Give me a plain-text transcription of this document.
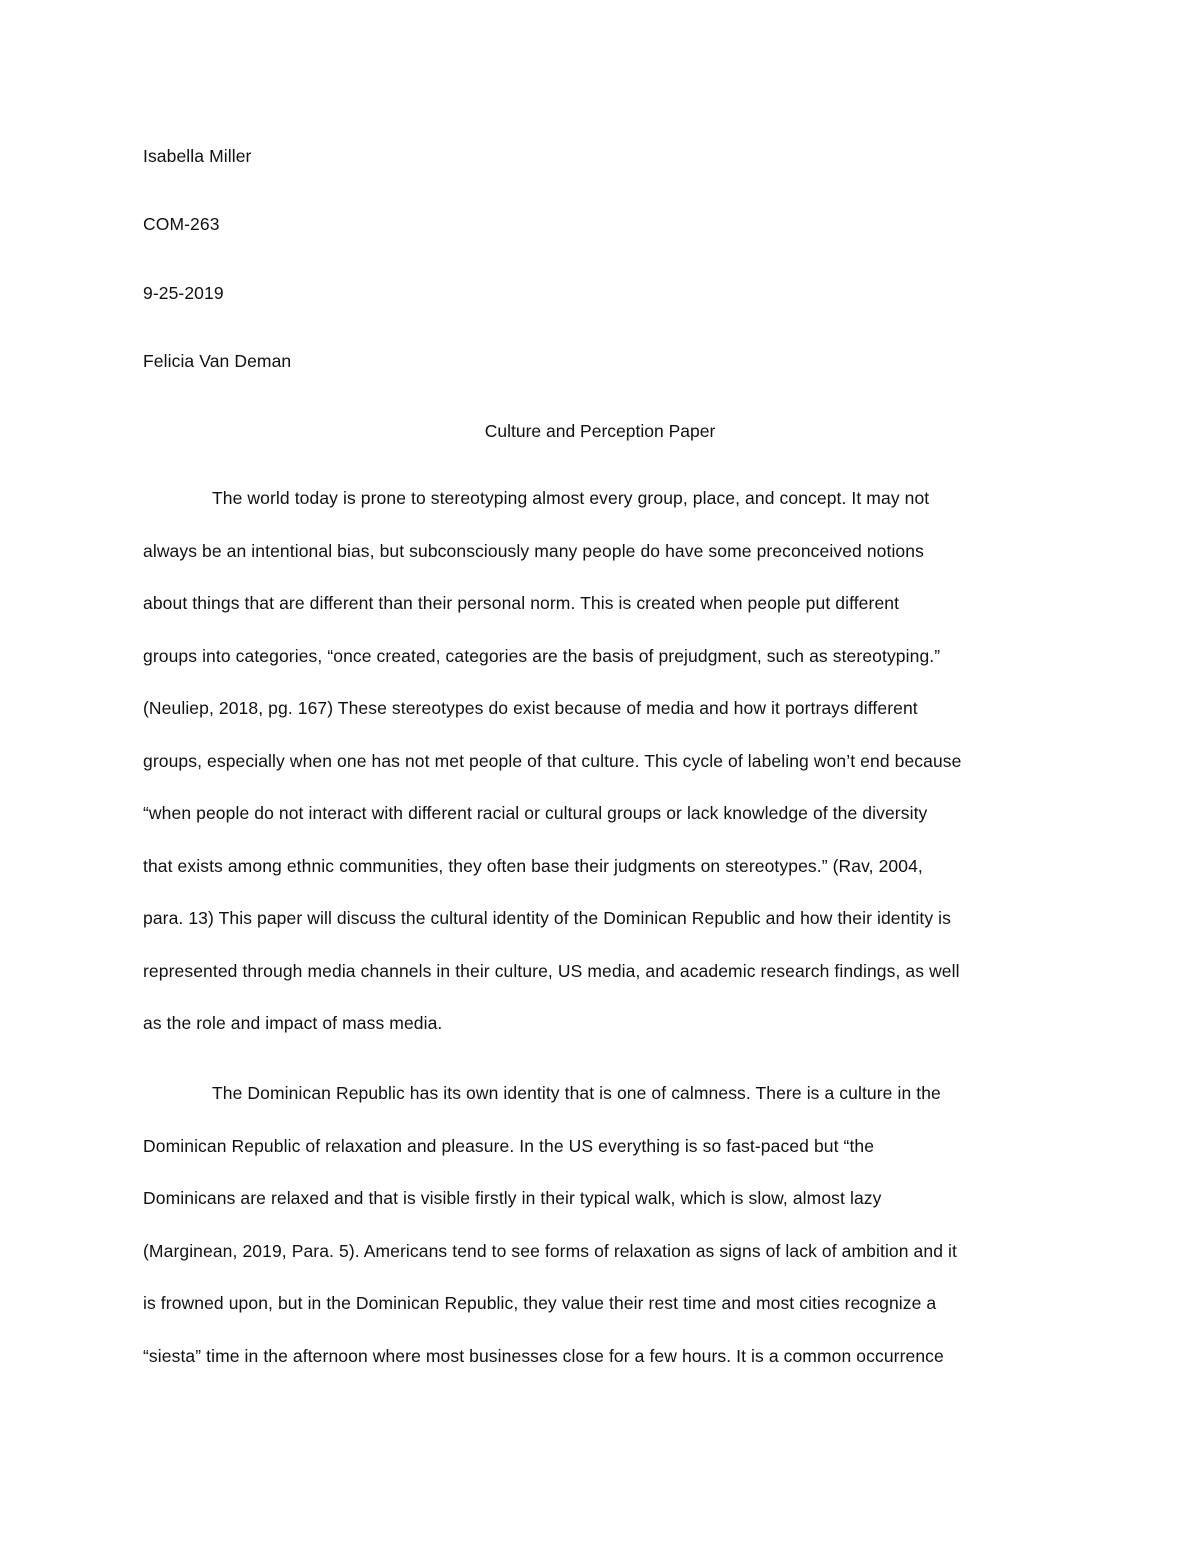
Isabella Miller
COM-263
9-25-2019
Felicia Van Deman
Culture and Perception Paper
The world today is prone to stereotyping almost every group, place, and concept. It may not
always be an intentional bias, but subconsciously many people do have some preconceived notions
about things that are different than their personal norm. This is created when people put different
groups into categories, “once created, categories are the basis of prejudgment, such as stereotyping.”
(Neuliep, 2018, pg. 167) These stereotypes do exist because of media and how it portrays different
groups, especially when one has not met people of that culture. This cycle of labeling won’t end because
“when people do not interact with different racial or cultural groups or lack knowledge of the diversity
that exists among ethnic communities, they often base their judgments on stereotypes.” (Rav, 2004,
para. 13) This paper will discuss the cultural identity of the Dominican Republic and how their identity is
represented through media channels in their culture, US media, and academic research findings, as well
as the role and impact of mass media.
The Dominican Republic has its own identity that is one of calmness. There is a culture in the
Dominican Republic of relaxation and pleasure. In the US everything is so fast-paced but “the
Dominicans are relaxed and that is visible firstly in their typical walk, which is slow, almost lazy
(Marginean, 2019, Para. 5). Americans tend to see forms of relaxation as signs of lack of ambition and it
is frowned upon, but in the Dominican Republic, they value their rest time and most cities recognize a
“siesta” time in the afternoon where most businesses close for a few hours. It is a common occurrence
